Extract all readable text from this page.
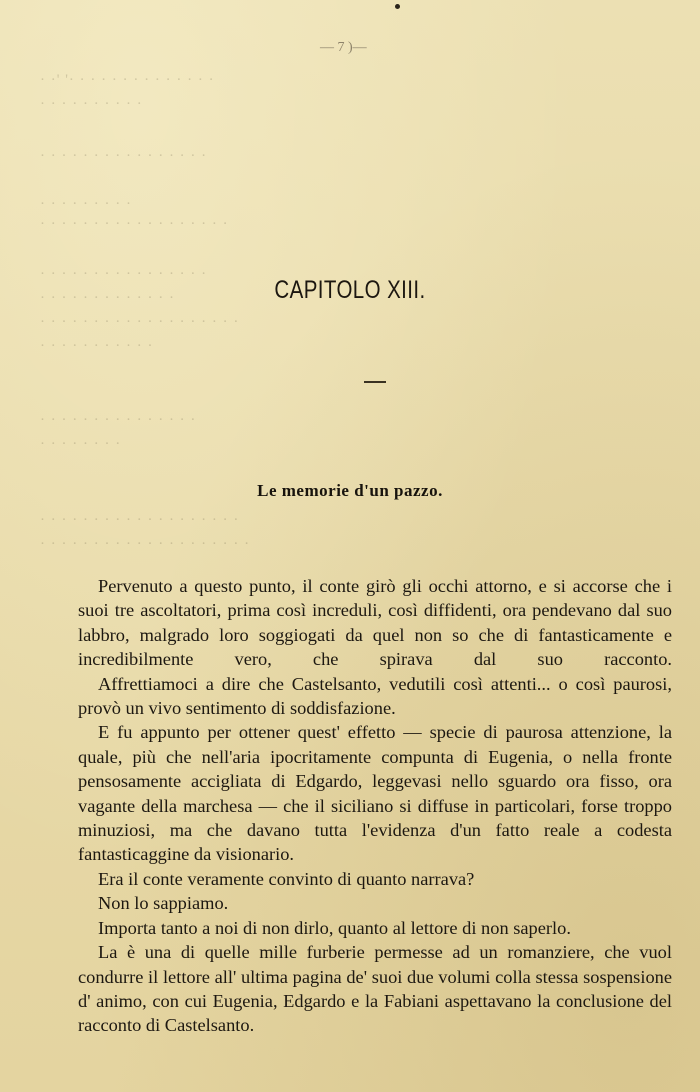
· ·' '· · · · · · · · · · · · · ·
· · · · · · · · · ·
· · · · · · · · · · · · · · · ·
· · · · · · · · ·
· · · · · · · · · · · · · · · · · ·
· · · · · · · · · · · · · · · ·
· · · · · · · · · · · · ·
· · · · · · · · · · · · · · · · · · ·
· · · · · · · · · · ·
· · · · · · · · · · · · · · ·
· · · · · · · ·
· · · · · · · · · · · · · · · · · · ·
· · · · · · · · · · · · · · · · · · · ·
— 7 )—
CAPITOLO XIII.
Le memorie d'un pazzo.

Pervenuto a questo punto, il conte girò gli occhi attorno, e si accorse che i suoi tre ascoltatori, prima così increduli, così diffidenti, ora pendevano dal suo labbro, malgrado loro soggiogati da quel non so che di fantasticamente e incredibilmente vero, che spirava dal suo racconto.

Affrettiamoci a dire che Castelsanto, vedutili così attenti... o così paurosi, provò un vivo sentimento di soddisfazione.

E fu appunto per ottener quest' effetto — specie di paurosa attenzione, la quale, più che nell'aria ipocritamente compunta di Eugenia, o nella fronte pensosamente accigliata di Edgardo, leggevasi nello sguardo ora fisso, ora vagante della marchesa — che il siciliano si diffuse in particolari, forse troppo minuziosi, ma che davano tutta l'evidenza d'un fatto reale a codesta fantasticaggine da visionario.

Era il conte veramente convinto di quanto narrava?

Non lo sappiamo.

Importa tanto a noi di non dirlo, quanto al lettore di non saperlo.

La è una di quelle mille furberie permesse ad un romanziere, che vuol condurre il lettore all' ultima pagina de' suoi due volumi colla stessa sospensione d' animo, con cui Eugenia, Edgardo e la Fabiani aspettavano la conclusione del racconto di Castelsanto.
